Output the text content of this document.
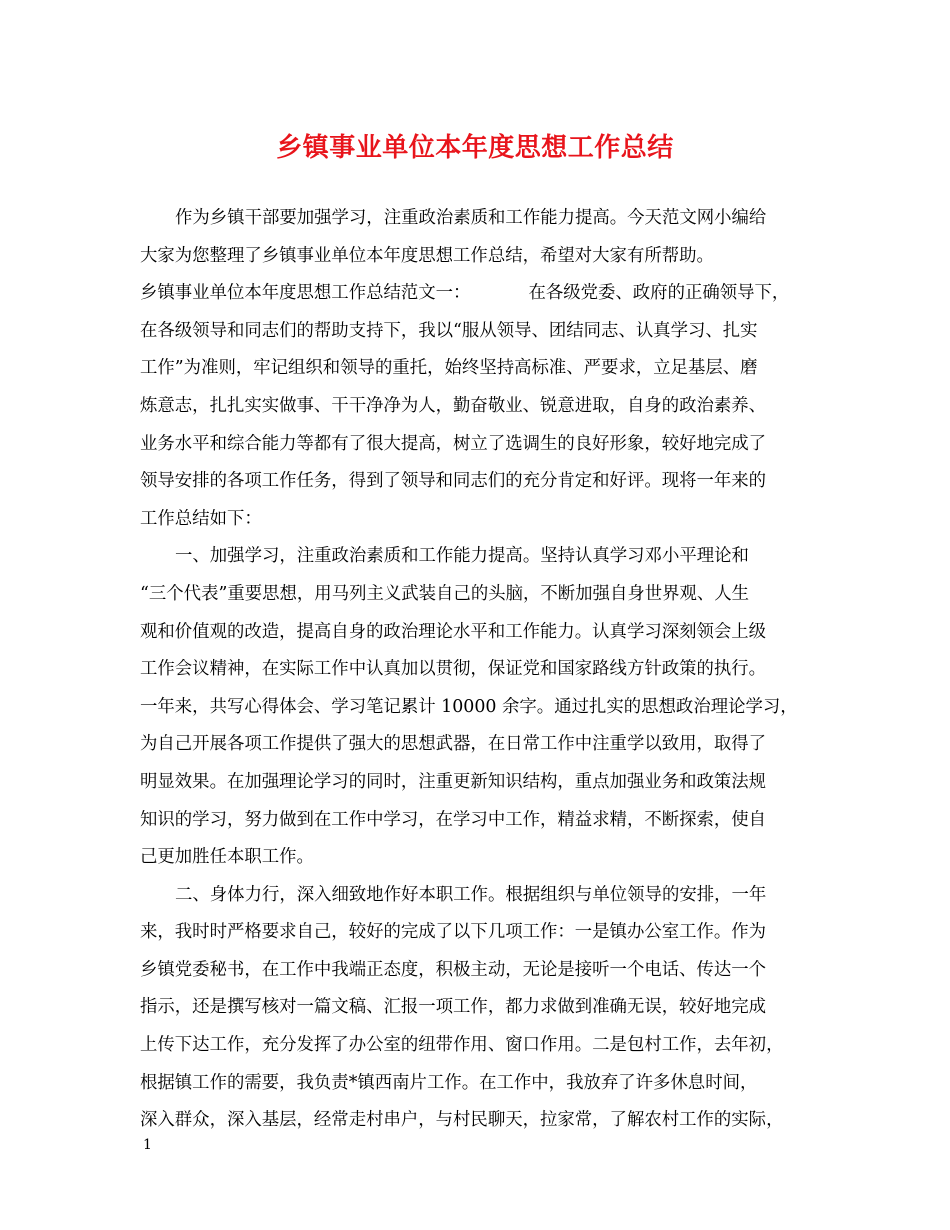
乡镇事业单位本年度思想工作总结
作为乡镇干部要加强学习，注重政治素质和工作能力提高。今天范文网小编给
大家为您整理了乡镇事业单位本年度思想工作总结，希望对大家有所帮助。
乡镇事业单位本年度思想工作总结范文一：	在各级党委、政府的正确领导下，
在各级领导和同志们的帮助支持下，我以“服从领导、团结同志、认真学习、扎实
工作”为准则，牢记组织和领导的重托，始终坚持高标准、严要求，立足基层、磨
炼意志，扎扎实实做事、干干净净为人，勤奋敬业、锐意进取，自身的政治素养、
业务水平和综合能力等都有了很大提高，树立了选调生的良好形象，较好地完成了
领导安排的各项工作任务，得到了领导和同志们的充分肯定和好评。现将一年来的
工作总结如下：
一、加强学习，注重政治素质和工作能力提高。坚持认真学习邓小平理论和
“三个代表”重要思想，用马列主义武装自己的头脑，不断加强自身世界观、人生
观和价值观的改造，提高自身的政治理论水平和工作能力。认真学习深刻领会上级
工作会议精神，在实际工作中认真加以贯彻，保证党和国家路线方针政策的执行。
一年来，共写心得体会、学习笔记累计 10000 余字。通过扎实的思想政治理论学习，
为自己开展各项工作提供了强大的思想武器，在日常工作中注重学以致用，取得了
明显效果。在加强理论学习的同时，注重更新知识结构，重点加强业务和政策法规
知识的学习，努力做到在工作中学习，在学习中工作，精益求精，不断探索，使自
己更加胜任本职工作。
二、身体力行，深入细致地作好本职工作。根据组织与单位领导的安排，一年
来，我时时严格要求自己，较好的完成了以下几项工作：一是镇办公室工作。作为
乡镇党委秘书，在工作中我端正态度，积极主动，无论是接听一个电话、传达一个
指示，还是撰写核对一篇文稿、汇报一项工作，都力求做到准确无误，较好地完成
上传下达工作，充分发挥了办公室的纽带作用、窗口作用。二是包村工作，去年初，
根据镇工作的需要，我负责*镇西南片工作。在工作中，我放弃了许多休息时间，
深入群众，深入基层，经常走村串户，与村民聊天，拉家常，了解农村工作的实际，
1
